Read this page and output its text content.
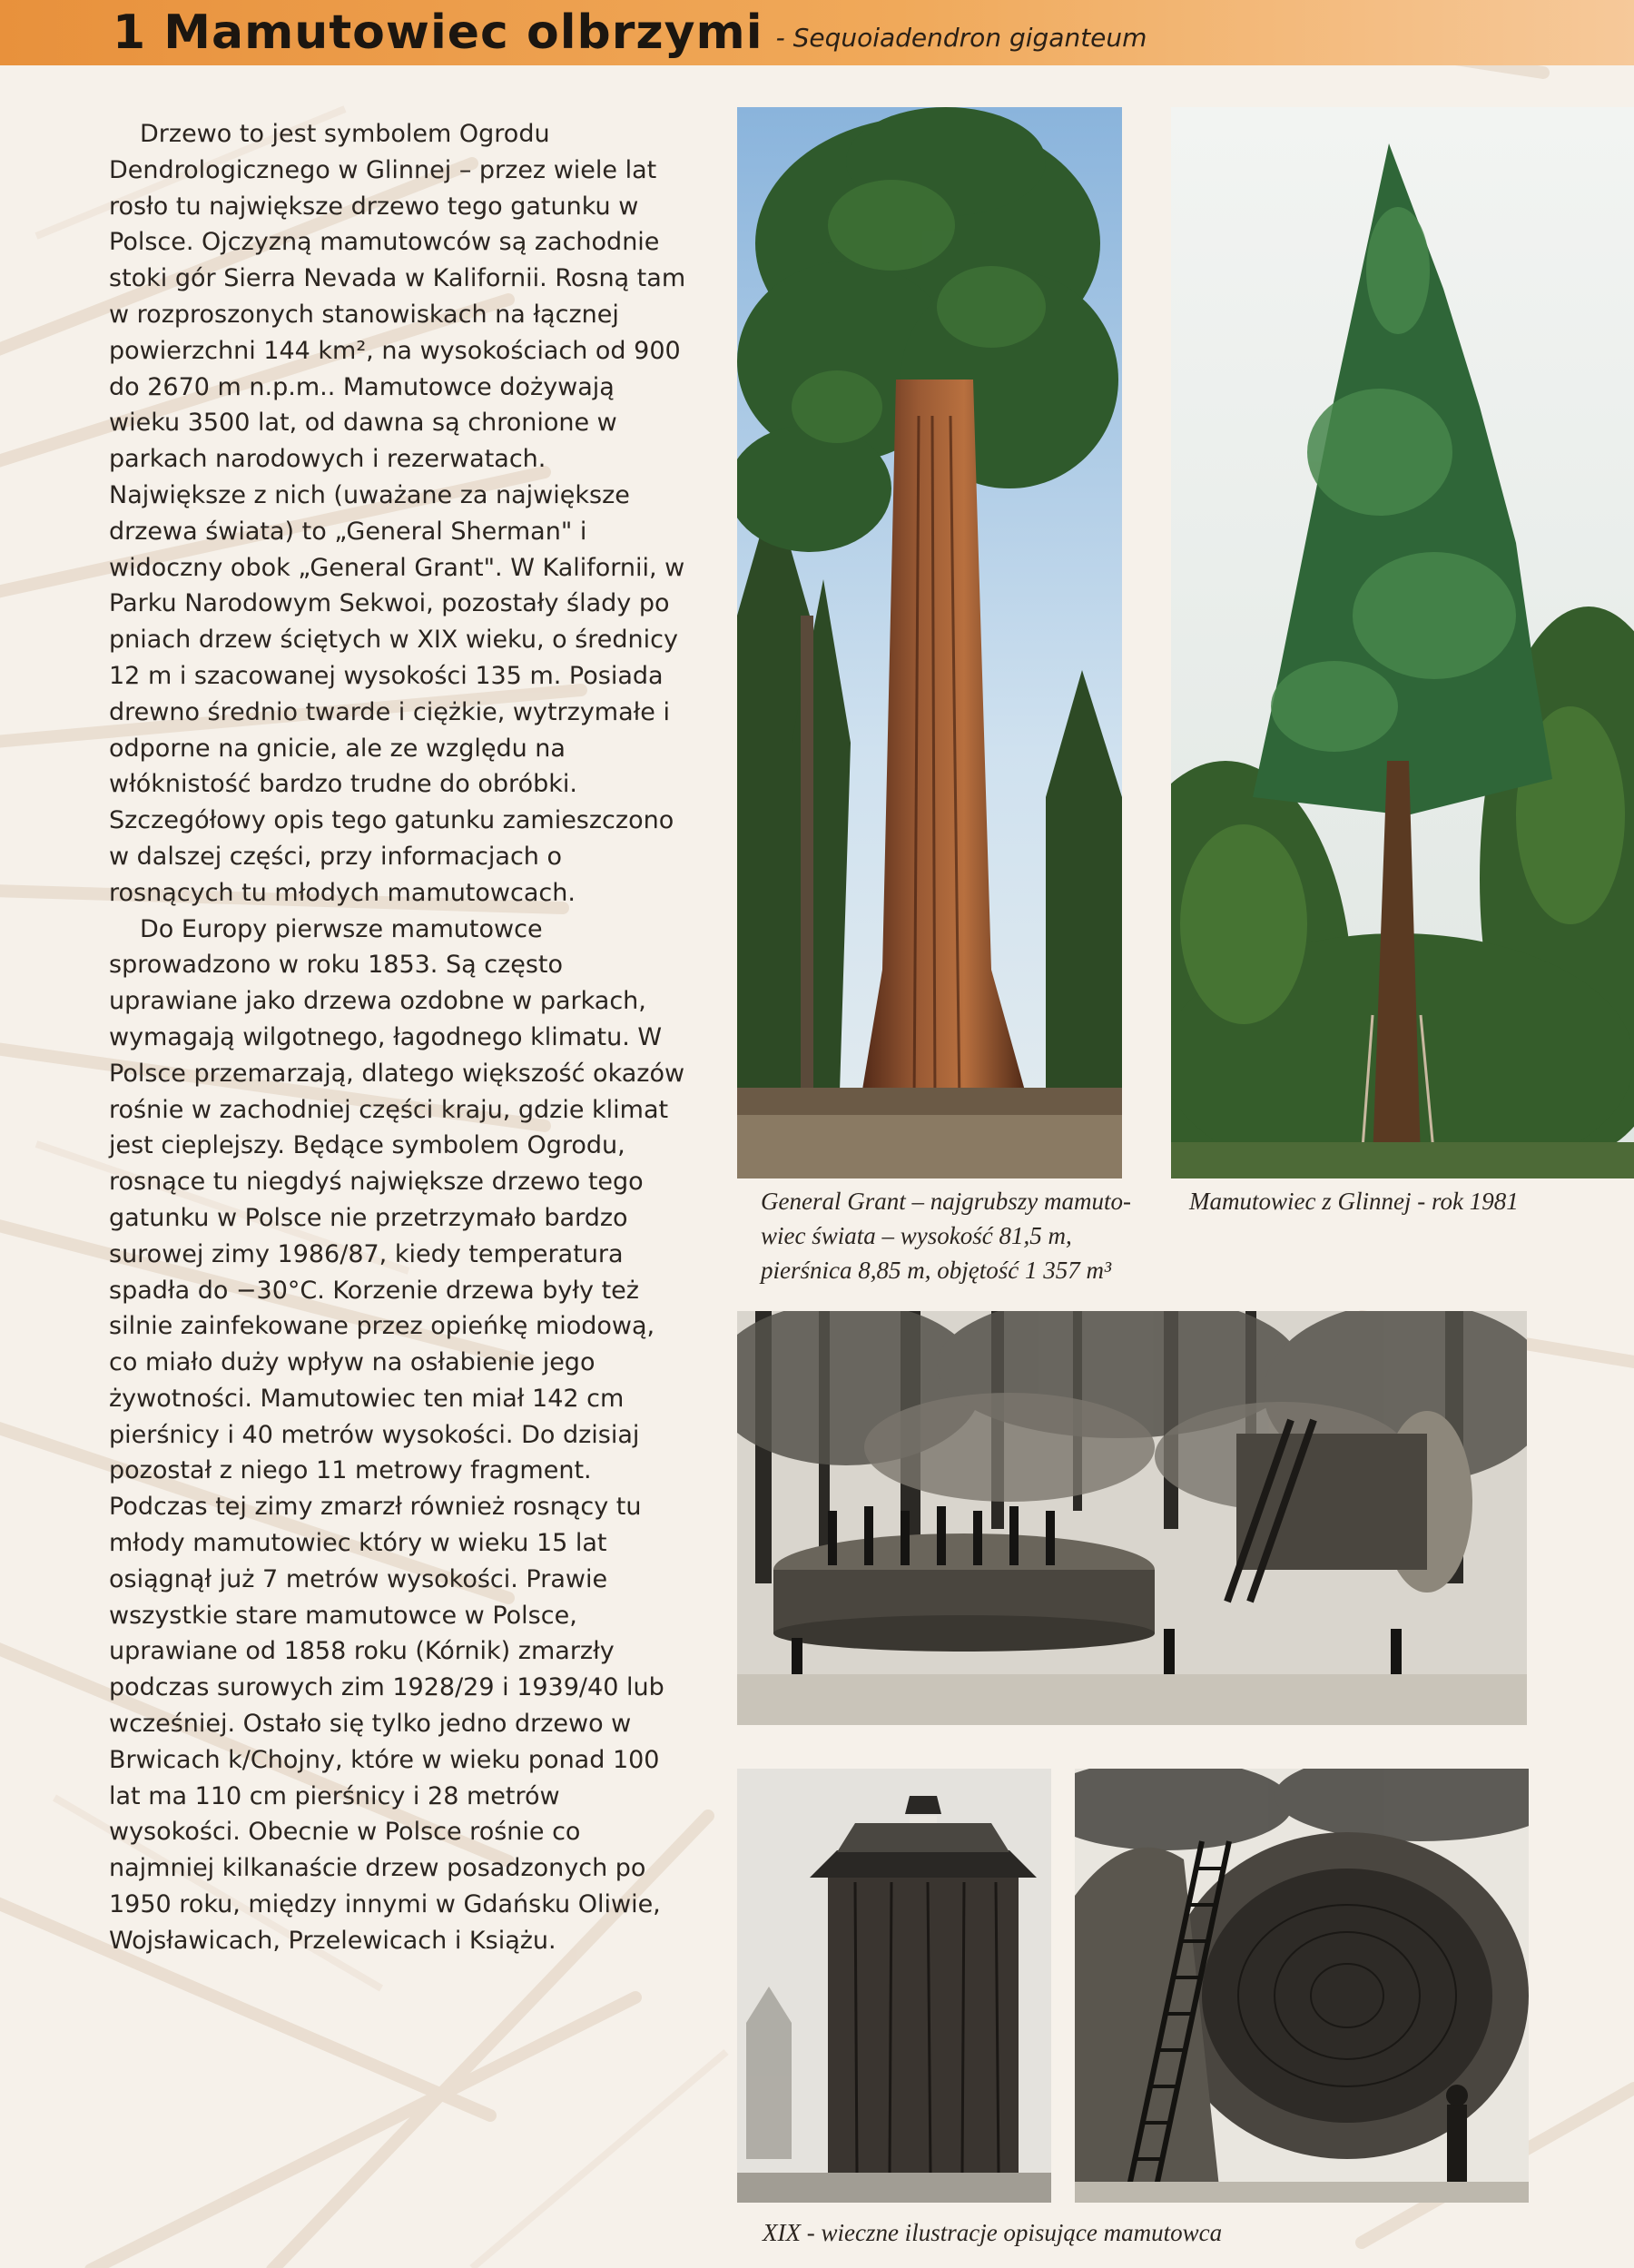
1 Mamutowiec olbrzymi - Sequoiadendron giganteum

Drzewo to jest symbolem Ogrodu Dendrologicznego w Glinnej – przez wiele lat rosło tu największe drzewo tego gatunku w Polsce. Ojczyzną mamutowców są zachodnie stoki gór Sierra Nevada w Kalifornii. Rosną tam w rozproszonych stanowiskach na łącznej powierzchni 144 km², na wysokościach od 900 do 2670 m n.p.m.. Mamutowce dożywają wieku 3500 lat, od dawna są chronione w parkach narodowych i rezerwatach. Największe z nich (uważane za największe drzewa świata) to „General Sherman" i widoczny obok „General Grant". W Kalifornii, w Parku Narodowym Sekwoi, pozostały ślady po pniach drzew ściętych w XIX wieku, o średnicy 12 m i szacowanej wysokości 135 m. Posiada drewno średnio twarde i ciężkie, wytrzymałe i odporne na gnicie, ale ze względu na włóknistość bardzo trudne do obróbki. Szczegółowy opis tego gatunku zamieszczono w dalszej części, przy informacjach o rosnących tu młodych mamutowcach.

Do Europy pierwsze mamutowce sprowadzono w roku 1853. Są często uprawiane jako drzewa ozdobne w parkach, wymagają wilgotnego, łagodnego klimatu. W Polsce przemarzają, dlatego większość okazów rośnie w zachodniej części kraju, gdzie klimat jest cieplejszy. Będące symbolem Ogrodu, rosnące tu niegdyś największe drzewo tego gatunku w Polsce nie przetrzymało bardzo surowej zimy 1986/87, kiedy temperatura spadła do −30°C. Korzenie drzewa były też silnie zainfekowane przez opieńkę miodową, co miało duży wpływ na osłabienie jego żywotności. Mamutowiec ten miał 142 cm pierśnicy i 40 metrów wysokości. Do dzisiaj pozostał z niego 11 metrowy fragment. Podczas tej zimy zmarzł również rosnący tu młody mamutowiec który w wieku 15 lat osiągnął już 7 metrów wysokości. Prawie wszystkie stare mamutowce w Polsce, uprawiane od 1858 roku (Kórnik) zmarzły podczas surowych zim 1928/29 i 1939/40 lub wcześniej. Ostało się tylko jedno drzewo w Brwicach k/Chojny, które w wieku ponad 100 lat ma 110 cm pierśnicy i 28 metrów wysokości. Obecnie w Polsce rośnie co najmniej kilkanaście drzew posadzonych po 1950 roku, między innymi w Gdańsku Oliwie, Wojsławicach, Przelewicach i Książu.

General Grant – najgrubszy mamuto-
wiec świata – wysokość 81,5 m,
pierśnica 8,85 m, objętość 1 357 m³
Mamutowiec z Glinnej - rok 1981
XIX - wieczne ilustracje opisujące mamutowca
